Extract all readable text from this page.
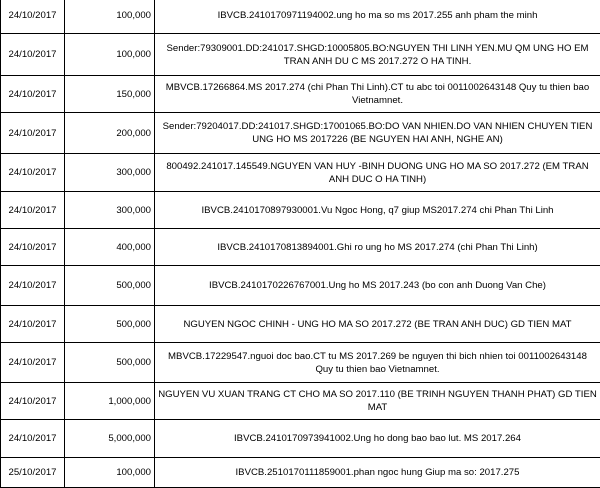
24/10/2017	100,000	IBVCB.2410170971194002.ung ho ma so ms 2017.255 anh pham the minh
24/10/2017	100,000	Sender:79309001.DD:241017.SHGD:10005805.BO:NGUYEN THI LINH YEN.MU QM UNG HO EM TRAN ANH DU C MS 2017.272 O HA TINH.
24/10/2017	150,000	MBVCB.17266864.MS 2017.274 (chi Phan Thi Linh).CT tu abc toi 0011002643148 Quy tu thien bao Vietnamnet.
24/10/2017	200,000	Sender:79204017.DD:241017.SHGD:17001065.BO:DO VAN NHIEN.DO VAN NHIEN CHUYEN TIEN UNG HO MS 2017226 (BE NGUYEN HAI ANH, NGHE AN)
24/10/2017	300,000	800492.241017.145549.NGUYEN VAN HUY -BINH DUONG UNG HO MA SO 2017.272 (EM TRAN ANH DUC O HA TINH)
24/10/2017	300,000	IBVCB.2410170897930001.Vu Ngoc Hong, q7 giup MS2017.274 chi Phan Thi Linh
24/10/2017	400,000	IBVCB.2410170813894001.Ghi ro ung ho MS 2017.274 (chi Phan Thi Linh)
24/10/2017	500,000	IBVCB.2410170226767001.Ung ho MS 2017.243 (bo con anh Duong Van Che)
24/10/2017	500,000	NGUYEN NGOC CHINH - UNG HO MA SO 2017.272 (BE TRAN ANH DUC) GD TIEN MAT
24/10/2017	500,000	MBVCB.17229547.nguoi doc bao.CT tu MS 2017.269 be nguyen thi bich nhien toi 0011002643148 Quy tu thien bao Vietnamnet.
24/10/2017	1,000,000	NGUYEN VU XUAN TRANG CT CHO MA SO 2017.110 (BE TRINH NGUYEN THANH PHAT) GD TIEN MAT
24/10/2017	5,000,000	IBVCB.2410170973941002.Ung ho dong bao bao lut. MS 2017.264
25/10/2017	100,000	IBVCB.2510170111859001.phan ngoc hung Giup ma so: 2017.275
